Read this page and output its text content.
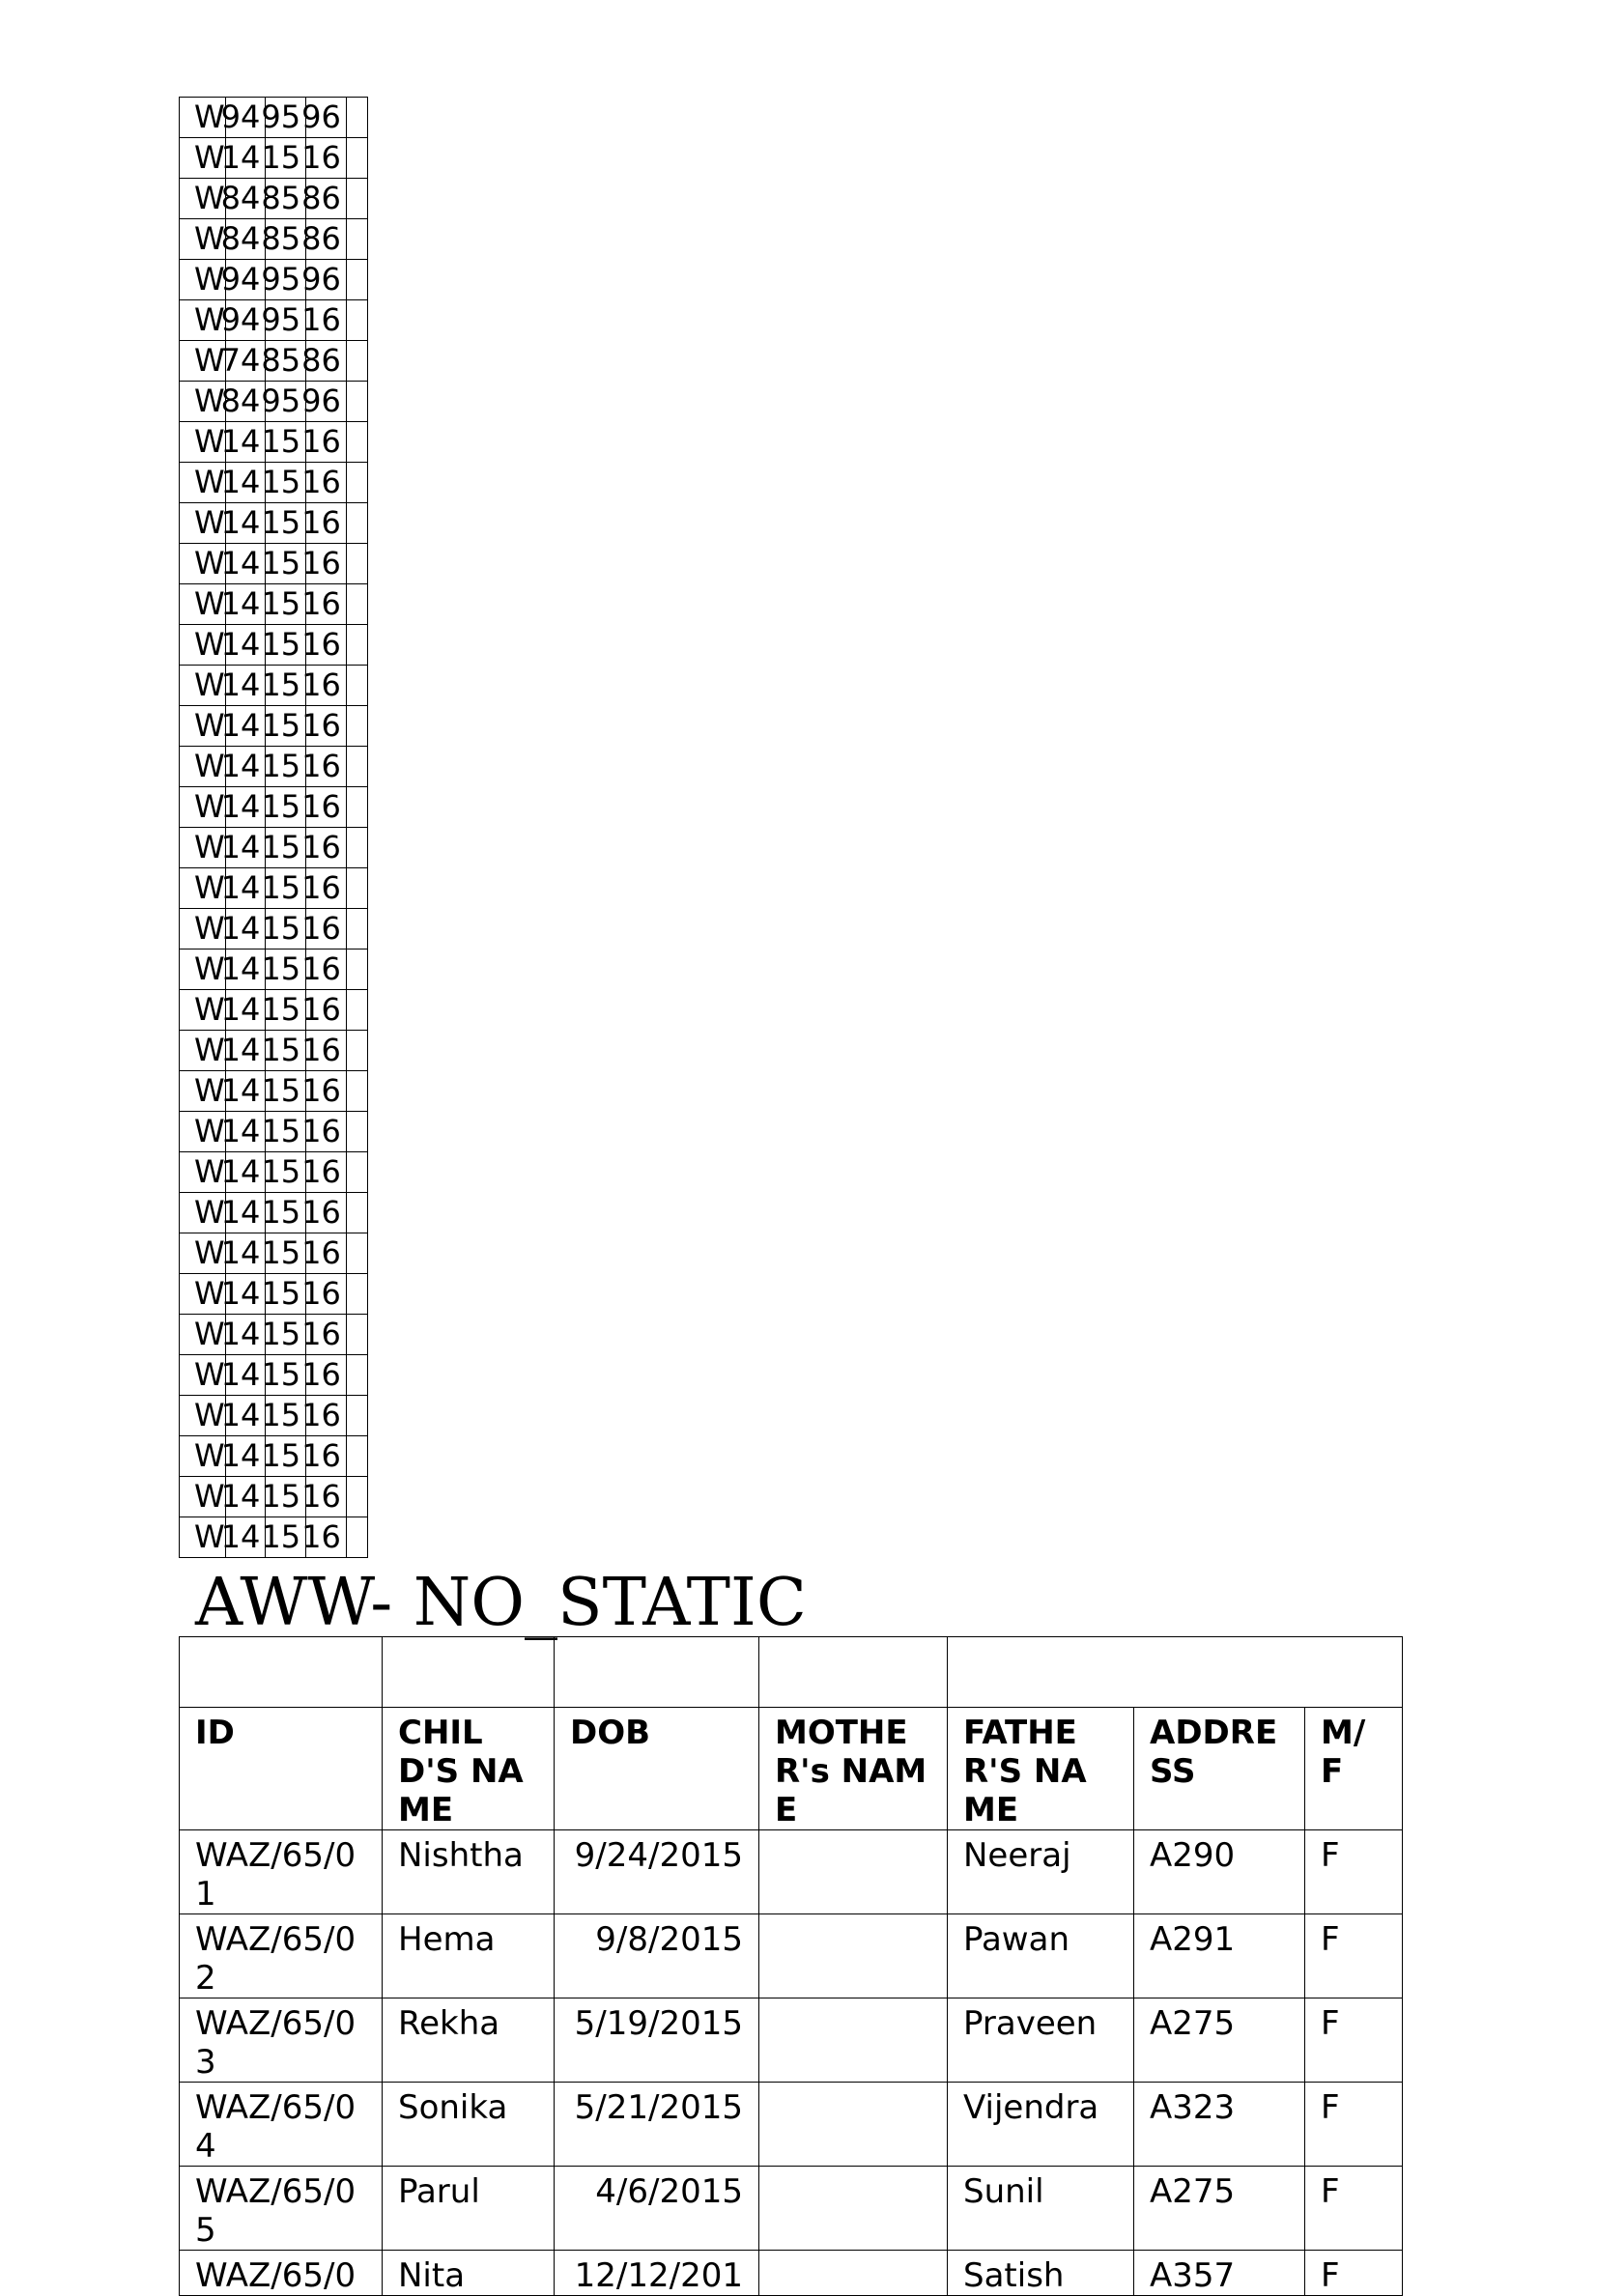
W	94	95	96	
W	14	15	16	
W	84	85	86	
W	84	85	86	
W	94	95	96	
W	94	95	16	
W	74	85	86	
W	84	95	96	
W	14	15	16	
W	14	15	16	
W	14	15	16	
W	14	15	16	
W	14	15	16	
W	14	15	16	
W	14	15	16	
W	14	15	16	
W	14	15	16	
W	14	15	16	
W	14	15	16	
W	14	15	16	
W	14	15	16	
W	14	15	16	
W	14	15	16	
W	14	15	16	
W	14	15	16	
W	14	15	16	
W	14	15	16	
W	14	15	16	
W	14	15	16	
W	14	15	16	
W	14	15	16	
W	14	15	16	
W	14	15	16	
W	14	15	16	
W	14	15	16	
W	14	15	16	
AWW- NO_STATIC

ID	CHILD'S NAME	DOB	MOTHER's NAME	FATHER'S NAME	ADDRESS	M/F
WAZ/65/01	Nishtha	9/24/2015		Neeraj	A290	F
WAZ/65/02	Hema	9/8/2015		Pawan	A291	F
WAZ/65/03	Rekha	5/19/2015		Praveen	A275	F
WAZ/65/04	Sonika	5/21/2015		Vijendra	A323	F
WAZ/65/05	Parul	4/6/2015		Sunil	A275	F
WAZ/65/0	Nita	12/12/201		Satish	A357	F
